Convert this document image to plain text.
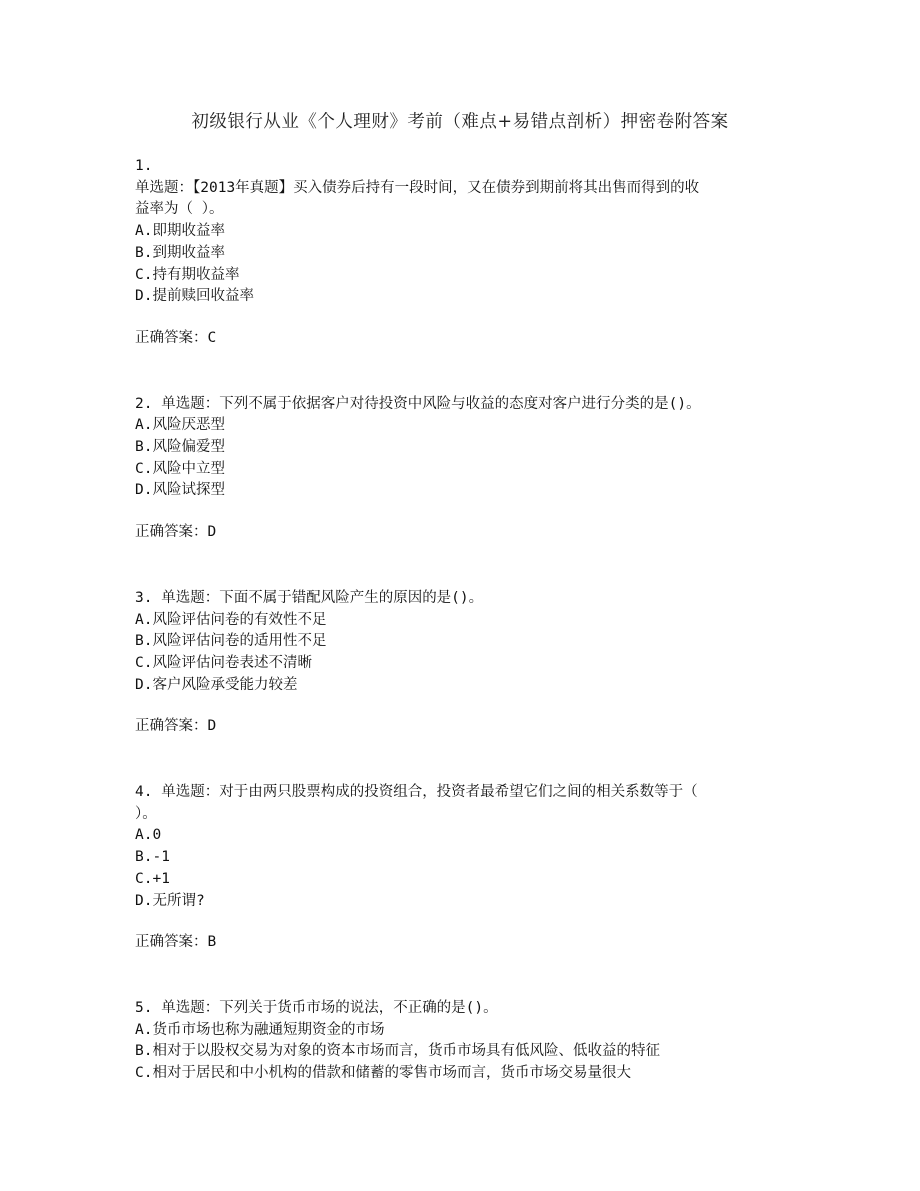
初级银行从业《个人理财》考前（难点+易错点剖析）押密卷附答案
1.
单选题：【2013年真题】买入债券后持有一段时间，又在债券到期前将其出售而得到的收
益率为（ ）。
A.即期收益率
B.到期收益率
C.持有期收益率
D.提前赎回收益率
正确答案：C
2. 单选题：下列不属于依据客户对待投资中风险与收益的态度对客户进行分类的是()。
A.风险厌恶型
B.风险偏爱型
C.风险中立型
D.风险试探型
正确答案：D
3. 单选题：下面不属于错配风险产生的原因的是()。
A.风险评估问卷的有效性不足
B.风险评估问卷的适用性不足
C.风险评估问卷表述不清晰
D.客户风险承受能力较差
正确答案：D
4. 单选题：对于由两只股票构成的投资组合，投资者最希望它们之间的相关系数等于（
）。
A.0
B.-1
C.+1
D.无所谓?
正确答案：B
5. 单选题：下列关于货币市场的说法，不正确的是()。
A.货币市场也称为融通短期资金的市场
B.相对于以股权交易为对象的资本市场而言，货币市场具有低风险、低收益的特征
C.相对于居民和中小机构的借款和储蓄的零售市场而言，货币市场交易量很大
